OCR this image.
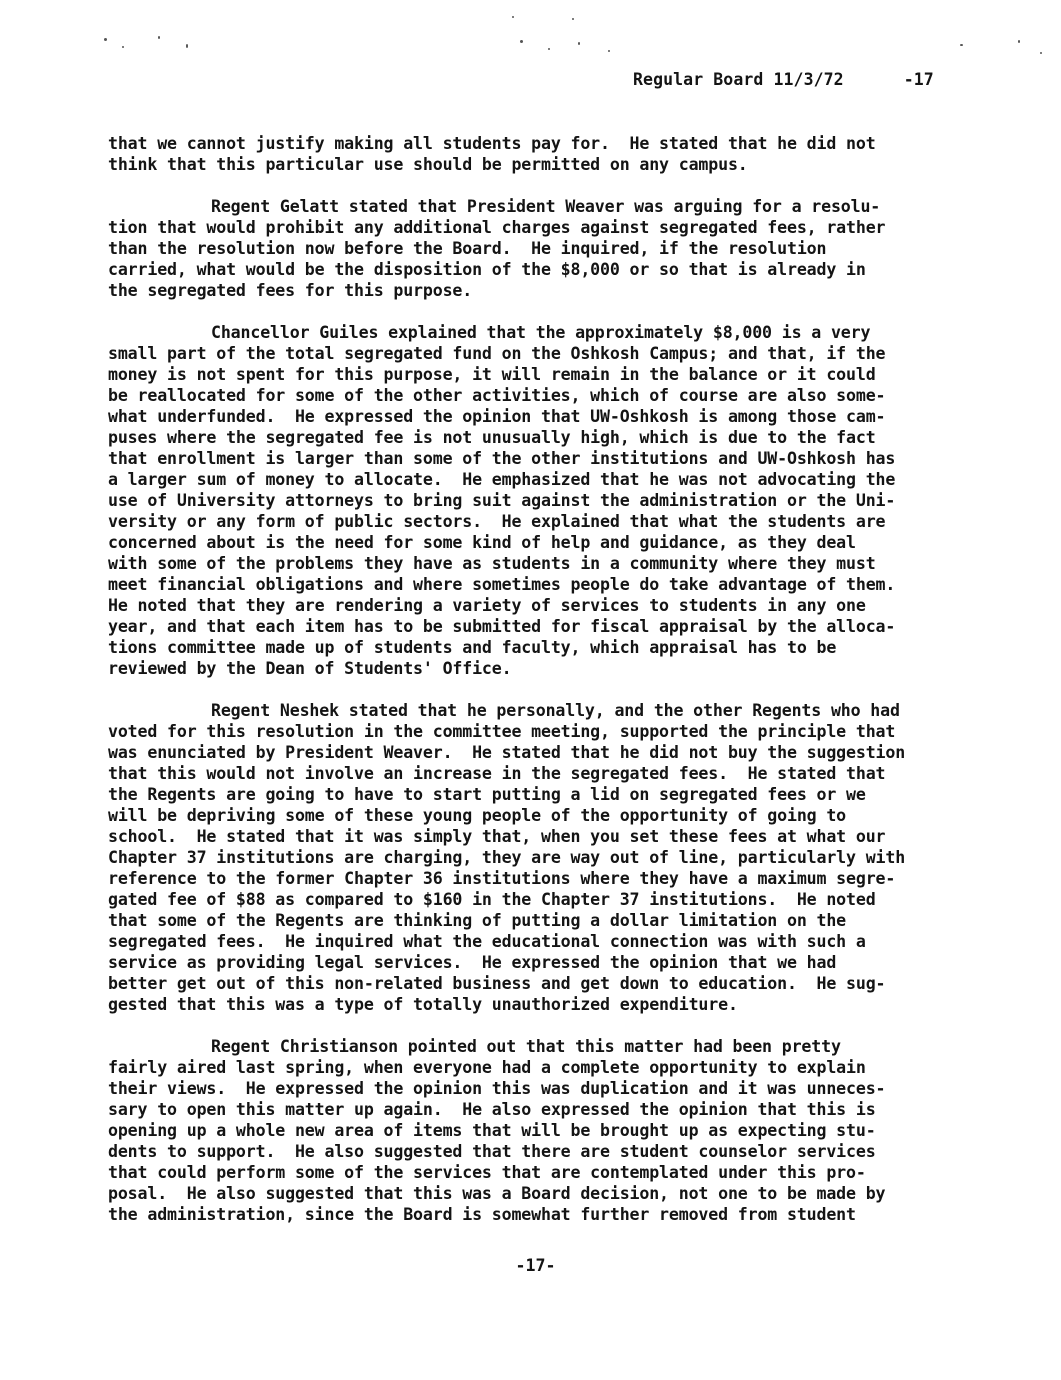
Regular Board 11/3/72	-17
that we cannot justify making all students pay for.  He stated that he did not
think that this particular use should be permitted on any campus.
Regent Gelatt stated that President Weaver was arguing for a resolu-
tion that would prohibit any additional charges against segregated fees, rather
than the resolution now before the Board.  He inquired, if the resolution
carried, what would be the disposition of the $8,000 or so that is already in
the segregated fees for this purpose.
Chancellor Guiles explained that the approximately $8,000 is a very
small part of the total segregated fund on the Oshkosh Campus; and that, if the
money is not spent for this purpose, it will remain in the balance or it could
be reallocated for some of the other activities, which of course are also some-
what underfunded.  He expressed the opinion that UW-Oshkosh is among those cam-
puses where the segregated fee is not unusually high, which is due to the fact
that enrollment is larger than some of the other institutions and UW-Oshkosh has
a larger sum of money to allocate.  He emphasized that he was not advocating the
use of University attorneys to bring suit against the administration or the Uni-
versity or any form of public sectors.  He explained that what the students are
concerned about is the need for some kind of help and guidance, as they deal
with some of the problems they have as students in a community where they must
meet financial obligations and where sometimes people do take advantage of them.
He noted that they are rendering a variety of services to students in any one
year, and that each item has to be submitted for fiscal appraisal by the alloca-
tions committee made up of students and faculty, which appraisal has to be
reviewed by the Dean of Students' Office.
Regent Neshek stated that he personally, and the other Regents who had
voted for this resolution in the committee meeting, supported the principle that
was enunciated by President Weaver.  He stated that he did not buy the suggestion
that this would not involve an increase in the segregated fees.  He stated that
the Regents are going to have to start putting a lid on segregated fees or we
will be depriving some of these young people of the opportunity of going to
school.  He stated that it was simply that, when you set these fees at what our
Chapter 37 institutions are charging, they are way out of line, particularly with
reference to the former Chapter 36 institutions where they have a maximum segre-
gated fee of $88 as compared to $160 in the Chapter 37 institutions.  He noted
that some of the Regents are thinking of putting a dollar limitation on the
segregated fees.  He inquired what the educational connection was with such a
service as providing legal services.  He expressed the opinion that we had
better get out of this non-related business and get down to education.  He sug-
gested that this was a type of totally unauthorized expenditure.
Regent Christianson pointed out that this matter had been pretty
fairly aired last spring, when everyone had a complete opportunity to explain
their views.  He expressed the opinion this was duplication and it was unneces-
sary to open this matter up again.  He also expressed the opinion that this is
opening up a whole new area of items that will be brought up as expecting stu-
dents to support.  He also suggested that there are student counselor services
that could perform some of the services that are contemplated under this pro-
posal.  He also suggested that this was a Board decision, not one to be made by
the administration, since the Board is somewhat further removed from student
-17-
